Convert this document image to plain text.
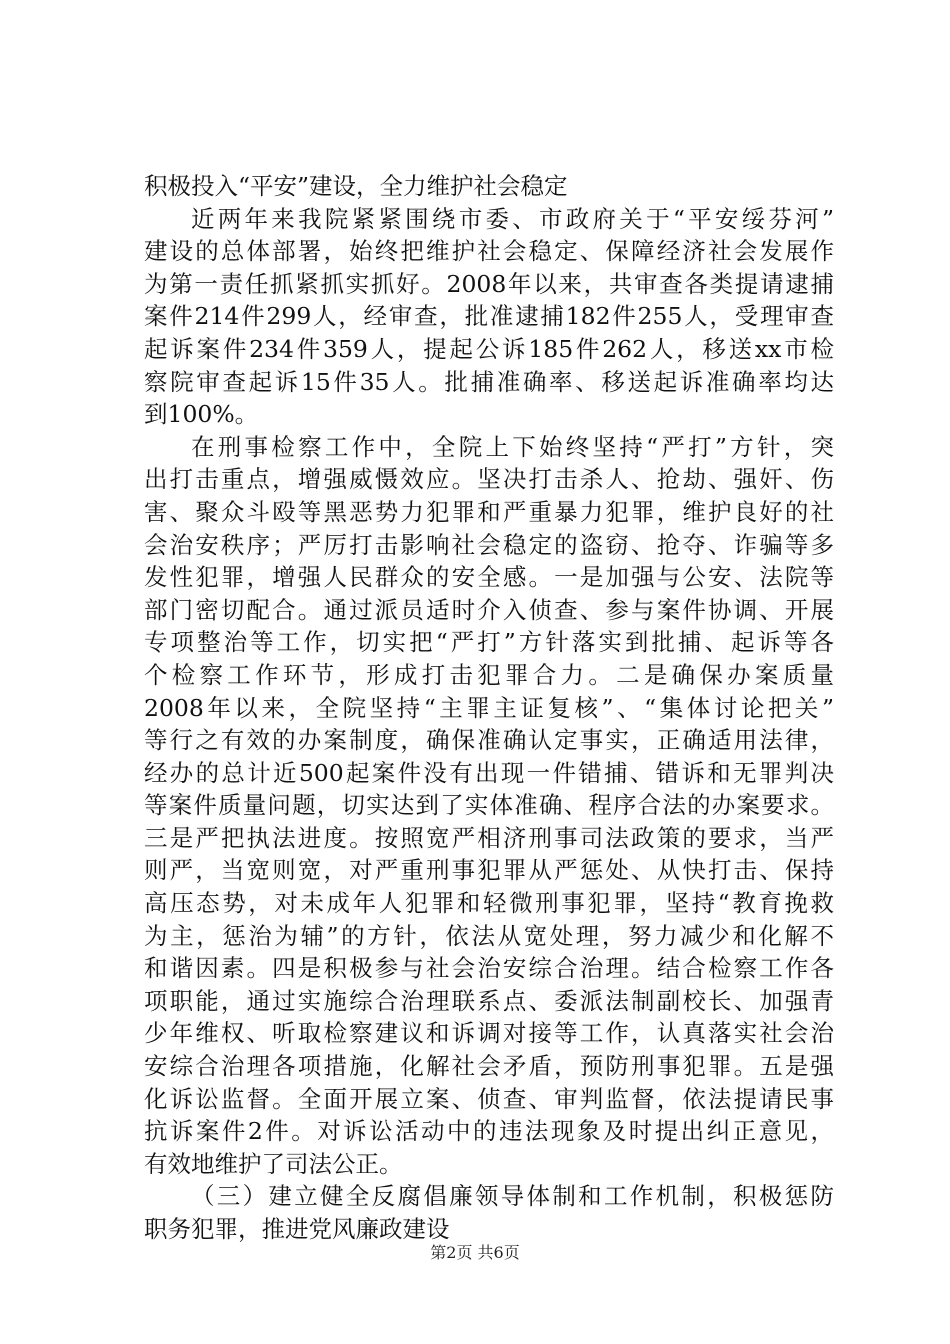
积极投入“平安”建设，全力维护社会稳定
近两年来我院紧紧围绕市委、市政府关于“平安绥芬河”
建设的总体部署，始终把维护社会稳定、保障经济社会发展作
为第一责任抓紧抓实抓好。2008年以来，共审查各类提请逮捕
案件214件299人，经审查，批准逮捕182件255人，受理审查
起诉案件234件359人，提起公诉185件262人，移送xx市检
察院审查起诉15件35人。批捕准确率、移送起诉准确率均达
到100%。
在刑事检察工作中，全院上下始终坚持“严打”方针，突
出打击重点，增强威慑效应。坚决打击杀人、抢劫、强奸、伤
害、聚众斗殴等黑恶势力犯罪和严重暴力犯罪，维护良好的社
会治安秩序；严厉打击影响社会稳定的盗窃、抢夺、诈骗等多
发性犯罪，增强人民群众的安全感。一是加强与公安、法院等
部门密切配合。通过派员适时介入侦查、参与案件协调、开展
专项整治等工作，切实把“严打”方针落实到批捕、起诉等各
个检察工作环节，形成打击犯罪合力。二是确保办案质量
2008年以来，全院坚持“主罪主证复核”、“集体讨论把关”
等行之有效的办案制度，确保准确认定事实，正确适用法律，
经办的总计近500起案件没有出现一件错捕、错诉和无罪判决
等案件质量问题，切实达到了实体准确、程序合法的办案要求。
三是严把执法进度。按照宽严相济刑事司法政策的要求，当严
则严，当宽则宽，对严重刑事犯罪从严惩处、从快打击、保持
高压态势，对未成年人犯罪和轻微刑事犯罪，坚持“教育挽救
为主，惩治为辅”的方针，依法从宽处理，努力减少和化解不
和谐因素。四是积极参与社会治安综合治理。结合检察工作各
项职能，通过实施综合治理联系点、委派法制副校长、加强青
少年维权、听取检察建议和诉调对接等工作，认真落实社会治
安综合治理各项措施，化解社会矛盾，预防刑事犯罪。五是强
化诉讼监督。全面开展立案、侦查、审判监督，依法提请民事
抗诉案件2件。对诉讼活动中的违法现象及时提出纠正意见，
有效地维护了司法公正。
（三）建立健全反腐倡廉领导体制和工作机制，积极惩防
职务犯罪，推进党风廉政建设
第2页 共6页
